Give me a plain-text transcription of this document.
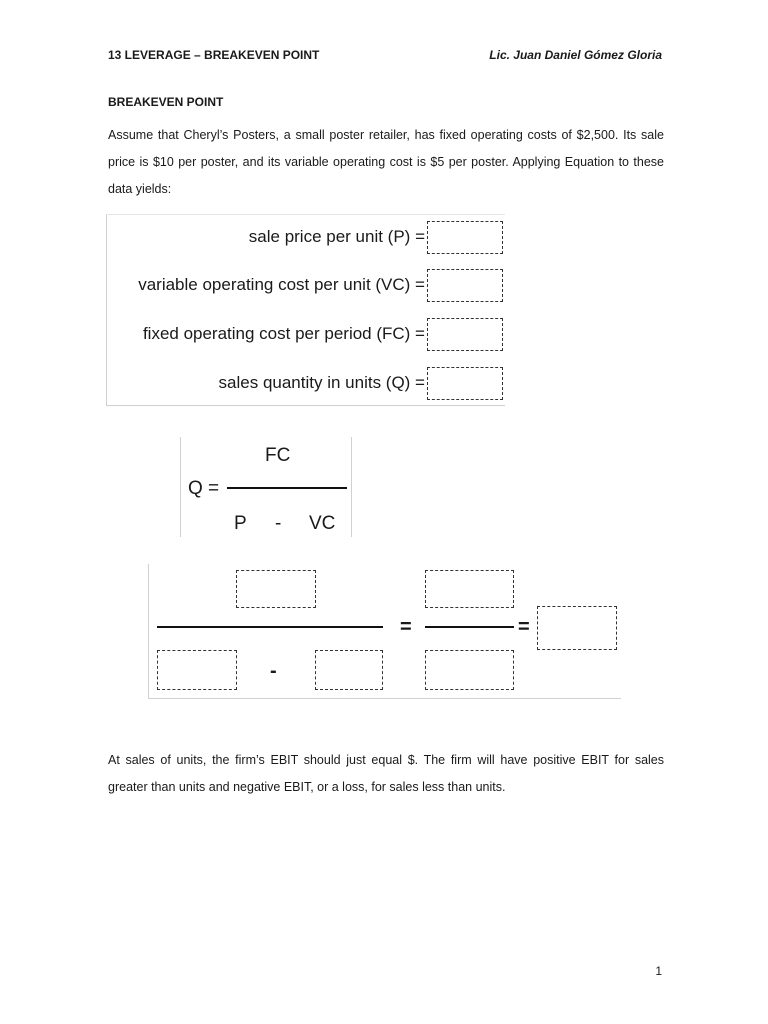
13 LEVERAGE – BREAKEVEN POINT	Lic. Juan Daniel Gómez Gloria
BREAKEVEN POINT
Assume that Cheryl’s Posters, a small poster retailer, has fixed operating costs of $2,500. Its sale price is $10 per poster, and its variable operating cost is $5 per poster. Applying Equation to these data yields:
sale price per unit (P) =
variable operating cost per unit (VC) =
fixed operating cost per period (FC) =
sales quantity in units (Q) =
FC
Q =
P - VC
=	=
-
At sales of units, the firm’s EBIT should just equal $. The firm will have positive EBIT for sales greater than units and negative EBIT, or a loss, for sales less than units.
1
